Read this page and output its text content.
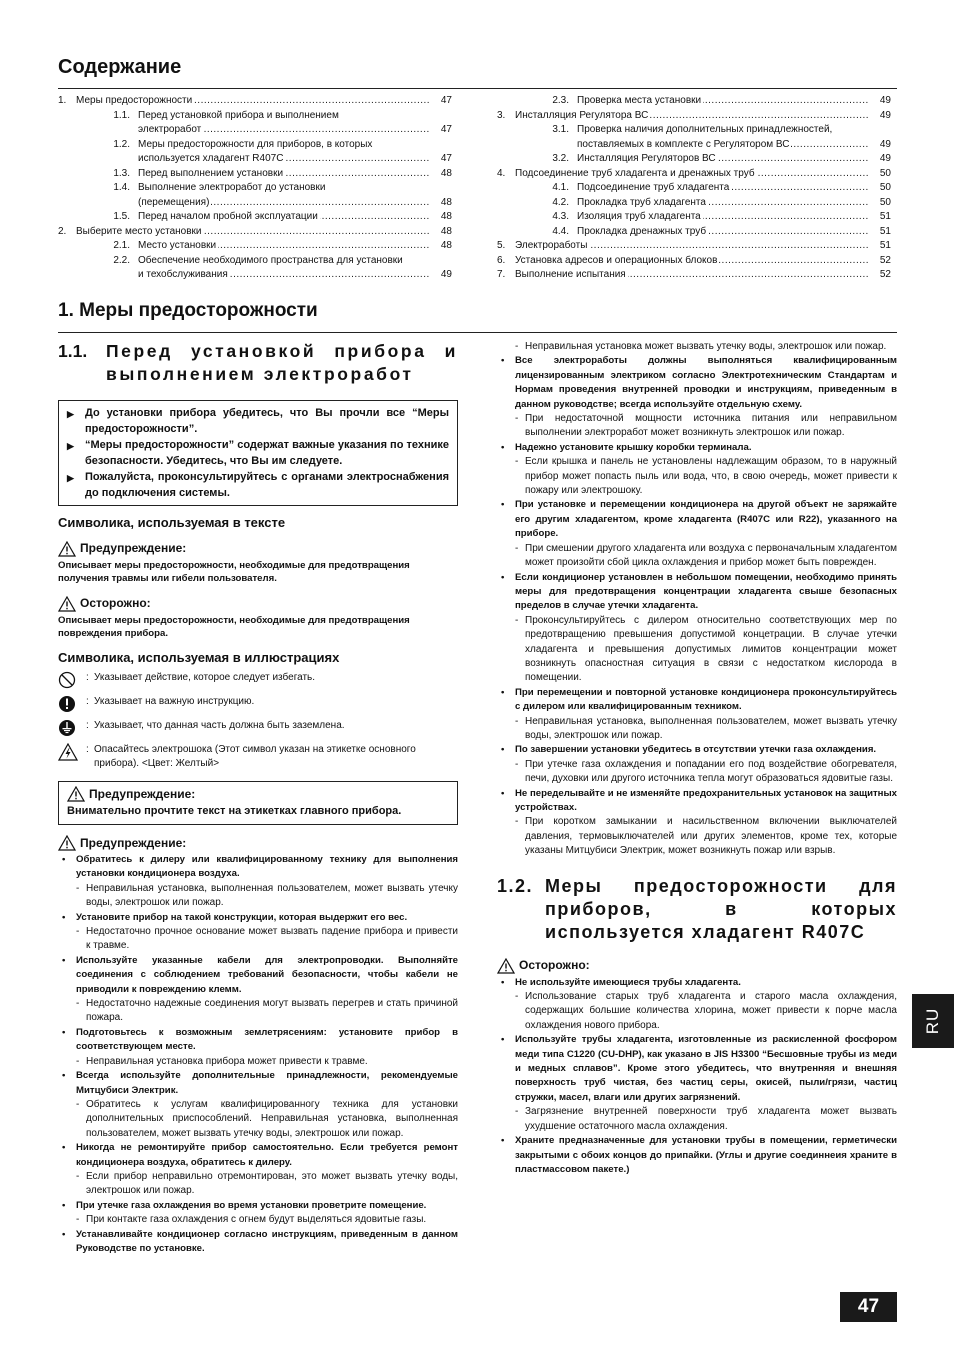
Содержание
1. Меры предосторожности .....	47
1.1. Перед установкой прибора и выполнением
электроработ .....	47
1.2. Меры предосторожности для приборов, в которых
используется хладагент R407C .....	47
1.3. Перед выполнением установки .....	48
1.4. Выполнение электроработ до установки
(перемещения) .....	48
1.5. Перед началом пробной эксплуатации .....	48
2. Выберите место установки .....	48
2.1. Место установки .....	48
2.2. Обеспечение необходимого пространства для установки
и техобслуживания .....	49
2.3. Проверка места установки .....	49
3. Инсталляция Регулятора ВС .....	49
3.1. Проверка наличия дополнительных принадлежностей,
поставляемых в комплекте с Регулятором ВС .....	49
3.2. Инсталляция Регуляторов ВС .....	49
4. Подсоединение труб хладагента и дренажных труб .....	50
4.1. Подсоединение труб хладагента .....	50
4.2. Прокладка труб хладагента .....	50
4.3. Изоляция труб хладагента .....	51
4.4. Прокладка дренажных труб .....	51
5. Электроработы .....	51
6. Установка адресов и операционных блоков .....	52
7. Выполнение испытания .....	52
1. Меры предосторожности
1.1.	Перед установкой прибора и выполнением электроработ
▶	До установки прибора убедитесь, что Вы прочли все “Меры предосторожности”.
▶	“Меры предосторожности” содержат важные указания по технике безопасности. Убедитесь, что Вы им следуете.
▶	Пожалуйста, проконсультируйтесь с органами электроснабжения до подключения системы.
Символика, используемая в тексте
Предупреждение:
Описывает меры предосторожности, необходимые для предотвращения получения травмы или гибели пользователя.
Осторожно:
Описывает меры предосторожности, необходимые для предотвращения повреждения прибора.
Символика, используемая в иллюстрациях
: Указывает действие, которое следует избегать.
: Указывает на важную инструкцию.
: Указывает, что данная часть должна быть заземлена.
: Опасайтесь электрошока (Этот символ указан на этикетке основного прибора). <Цвет: Желтый>
Предупреждение:
Внимательно прочтите текст на этикетках главного прибора.
Предупреждение:
•	Обратитесь к дилеру или квалифицированному технику для выполнения установки кондиционера воздуха.
- Неправильная установка, выполненная пользователем, может вызвать утечку воды, электрошок или пожар.
•	Установите прибор на такой конструкции, которая выдержит его вес.
- Недостаточно прочное основание может вызвать падение прибора и привести к травме.
•	Используйте указанные кабели для электропроводки. Выполняйте соединения с соблюдением требований безопасности, чтобы кабели не приводили к повреждению клемм.
- Недостаточно надежные соединения могут вызвать перегрев и стать причиной пожара.
•	Подготовьтесь к возможным землетрясениям: установите прибор в соответствующем месте.
- Неправильная установка прибора может привести к травме.
•	Всегда используйте дополнительные принадлежности, рекомендуемые Митцубиси Электрик.
- Обратитесь к услугам квалифицированногу техника для установки дополнительных приспособлений. Неправильная установка, выполненная пользователем, может вызвать утечку воды, электрошок или пожар.
•	Никогда не ремонтируйте прибор самостоятельно. Если требуется ремонт кондиционера воздуха, обратитесь к дилеру.
- Если прибор неправильно отремонтирован, это может вызвать утечку воды, электрошок или пожар.
•	При утечке газа охлаждения во время установки проветрите помещение.
- При контакте газа охлаждения с огнем будут выделяться ядовитые газы.
•	Устанавливайте кондиционер согласно инструкциям, приведенным в данном Руководстве по установке.
- Неправильная установка может вызвать утечку воды, электрошок или пожар.
•	Все электроработы должны выполняться квалифицированным лицензированным электриком согласно Электротехническим Стандартам и Нормам проведения внутренней проводки и инструкциям, приведенным в данном руководстве; всегда используйте отдельную схему.
- При недостаточной мощности источника питания или неправильном выполнении электроработ может возникнуть электрошок или пожар.
•	Надежно установите крышку коробки терминала.
- Если крышка и панель не установлены надлежащим образом, то в наружный прибор может попасть пыль или вода, что, в свою очередь, может привести к пожару или электрошоку.
•	При установке и перемещении кондиционера на другой объект не заряжайте его другим хладагентом, кроме хладагента (R407C или R22), указанного на приборе.
- При смешении другого хладагента или воздуха с первоначальным хладагентом может произойти сбой цикла охлаждения и прибор может быть поврежден.
•	Если кондиционер установлен в небольшом помещении, необходимо принять меры для предотвращения концентрации хладагента свыше безопасных пределов в случае утечки хладагента.
- Проконсультируйтесь с дилером относительно соответствующих мер по предотвращению превышения допустимой концетрации. В случае утечки хладагента и превышения допустимых лимитов концентрации может возникнуть опасностная ситуация в связи с недостатком кислорода в помещении.
•	При перемещении и повторной установке кондиционера проконсультируйтесь с дилером или квалифицированным техником.
- Неправильная установка, выполненная пользователем, может вызвать утечку воды, электрошок или пожар.
•	По завершении установки убедитесь в отсутствии утечки газа охлаждения.
- При утечке газа охлаждения и попадании его под воздействие обогревателя, печи, духовки или другого источника тепла могут образоваться ядовитые газы.
•	Не переделывайте и не изменяйте предохранительных установок на защитных устройствах.
- При коротком замыкании и насильственном включении выключателей давления, термовыключателей или других элементов, кроме тех, которые указаны Митцубиси Электрик, может возникнуть пожар или взрыв.
1.2. Меры предосторожности для приборов, в которых используется хладагент R407C
Осторожно:
•	Не используйте имеющиеся трубы хладагента.
- Использование старых труб хладагента и старого масла охлаждения, содержащих большие количества хлорина, может привести к порче масла охлаждения нового прибора.
•	Используйте трубы хладагента, изготовленные из раскисленной фосфором меди типа C1220 (CU-DHP), как указано в JIS H3300 “Бесшовные трубы из меди и медных сплавов”. Кроме этого убедитесь, что внутренняя и внешняя поверхность труб чистая, без частиц серы, окисей, пыли/грязи, частиц стружки, масел, влаги или других загрязнений.
- Загрязнение внутренней поверхности труб хладагента может вызвать ухудшение остаточного масла охлаждения.
•	Храните предназначенные для установки трубы в помещении, герметически закрытыми с обоих концов до припайки. (Углы и другие соединнеия храните в пластмассовом пакете.)
RU
47
